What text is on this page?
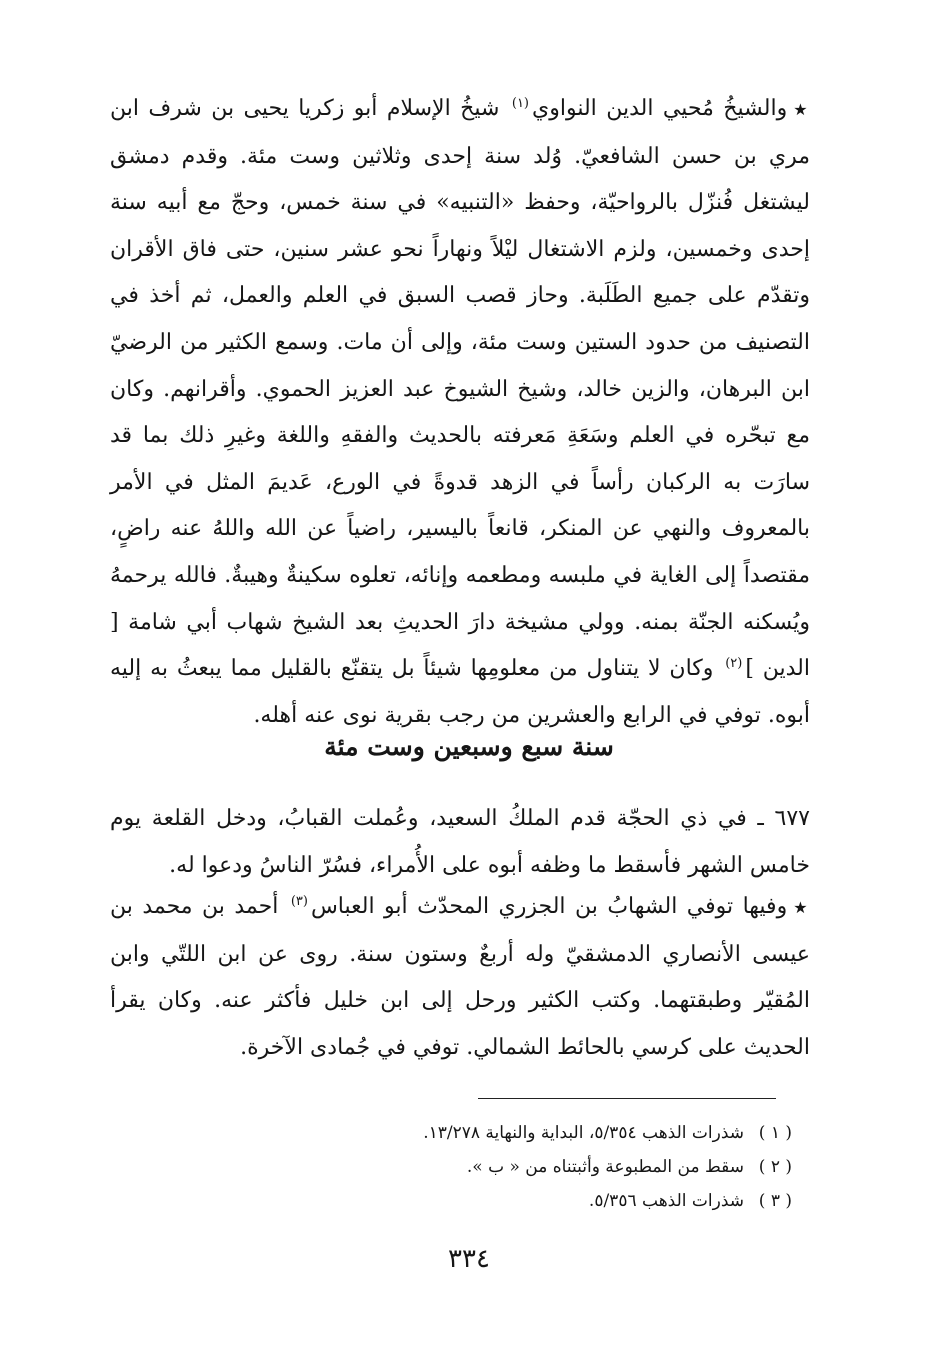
★والشيخُ مُحيي الدين النواوي$^{(١)}$ شيخُ الإسلام أبو زكريا يحيى بن شرف ابن مري بن حسن الشافعيّ. وُلد سنة إحدى وثلاثين وست مئة. وقدم دمشق ليشتغل فُنزّل بالرواحيّة، وحفظ «التنبيه» في سنة خمس، وحجّ مع أبيه سنة إحدى وخمسين، ولزم الاشتغال ليْلاً ونهاراً نحو عشر سنين، حتى فاق الأقران وتقدّم على جميع الطَلَبة. وحاز قصب السبق في العلم والعمل، ثم أخذ في التصنيف من حدود الستين وست مئة، وإلى أن مات. وسمع الكثير من الرضيّ ابن البرهان، والزين خالد، وشيخ الشيوخ عبد العزيز الحموي. وأقرانهم. وكان مع تبحّره في العلم وسَعَةِ مَعرفته بالحديث والفقهِ واللغة وغيرِ ذلك بما قد سارَت به الركبان رأساً في الزهد قدوةً في الورع، عَديمَ المثل في الأمر بالمعروف والنهي عن المنكر، قانعاً باليسير، راضياً عن الله واللهُ عنه راضٍ، مقتصداً إلى الغاية في ملبسه ومطعمه وإنائه، تعلوه سكينةٌ وهيبةٌ. فالله يرحمهُ ويُسكنه الجنّة بمنه. وولي مشيخة دارَ الحديثِ بعد الشيخ شهاب أبي شامة [ الدين ]$^{(٢)}$ وكان لا يتناول من معلومِها شيئاً بل يتقنّع بالقليل مما يبعثُ به إليه أبوه. توفي في الرابع والعشرين من رجب بقرية نوى عنه أهله.
سنة سبع وسبعين وست مئة
٦٧٧ ـ في ذي الحجّة قدم الملكُ السعيد، وعُملت القبابُ، ودخل القلعة يوم خامس الشهر فأسقط ما وظفه أبوه على الأُمراء، فسُرّ الناسُ ودعوا له.
★وفيها توفي الشهابُ بن الجزري المحدّث أبو العباس$^{(٣)}$ أحمد بن محمد بن عيسى الأنصاري الدمشقيّ وله أربعٌ وستون سنة. روى عن ابن اللتّي وابن المُقيّر وطبقتهما. وكتب الكثير ورحل إلى ابن خليل فأكثر عنه. وكان يقرأ الحديث على كرسي بالحائط الشمالي. توفي في جُمادى الآخرة.
( ١ )شذرات الذهب ٥/٣٥٤، البداية والنهاية ١٣/٢٧٨.
( ٢ )سقط من المطبوعة وأثبتناه من « ب ».
( ٣ )شذرات الذهب ٥/٣٥٦.
٣٣٤
